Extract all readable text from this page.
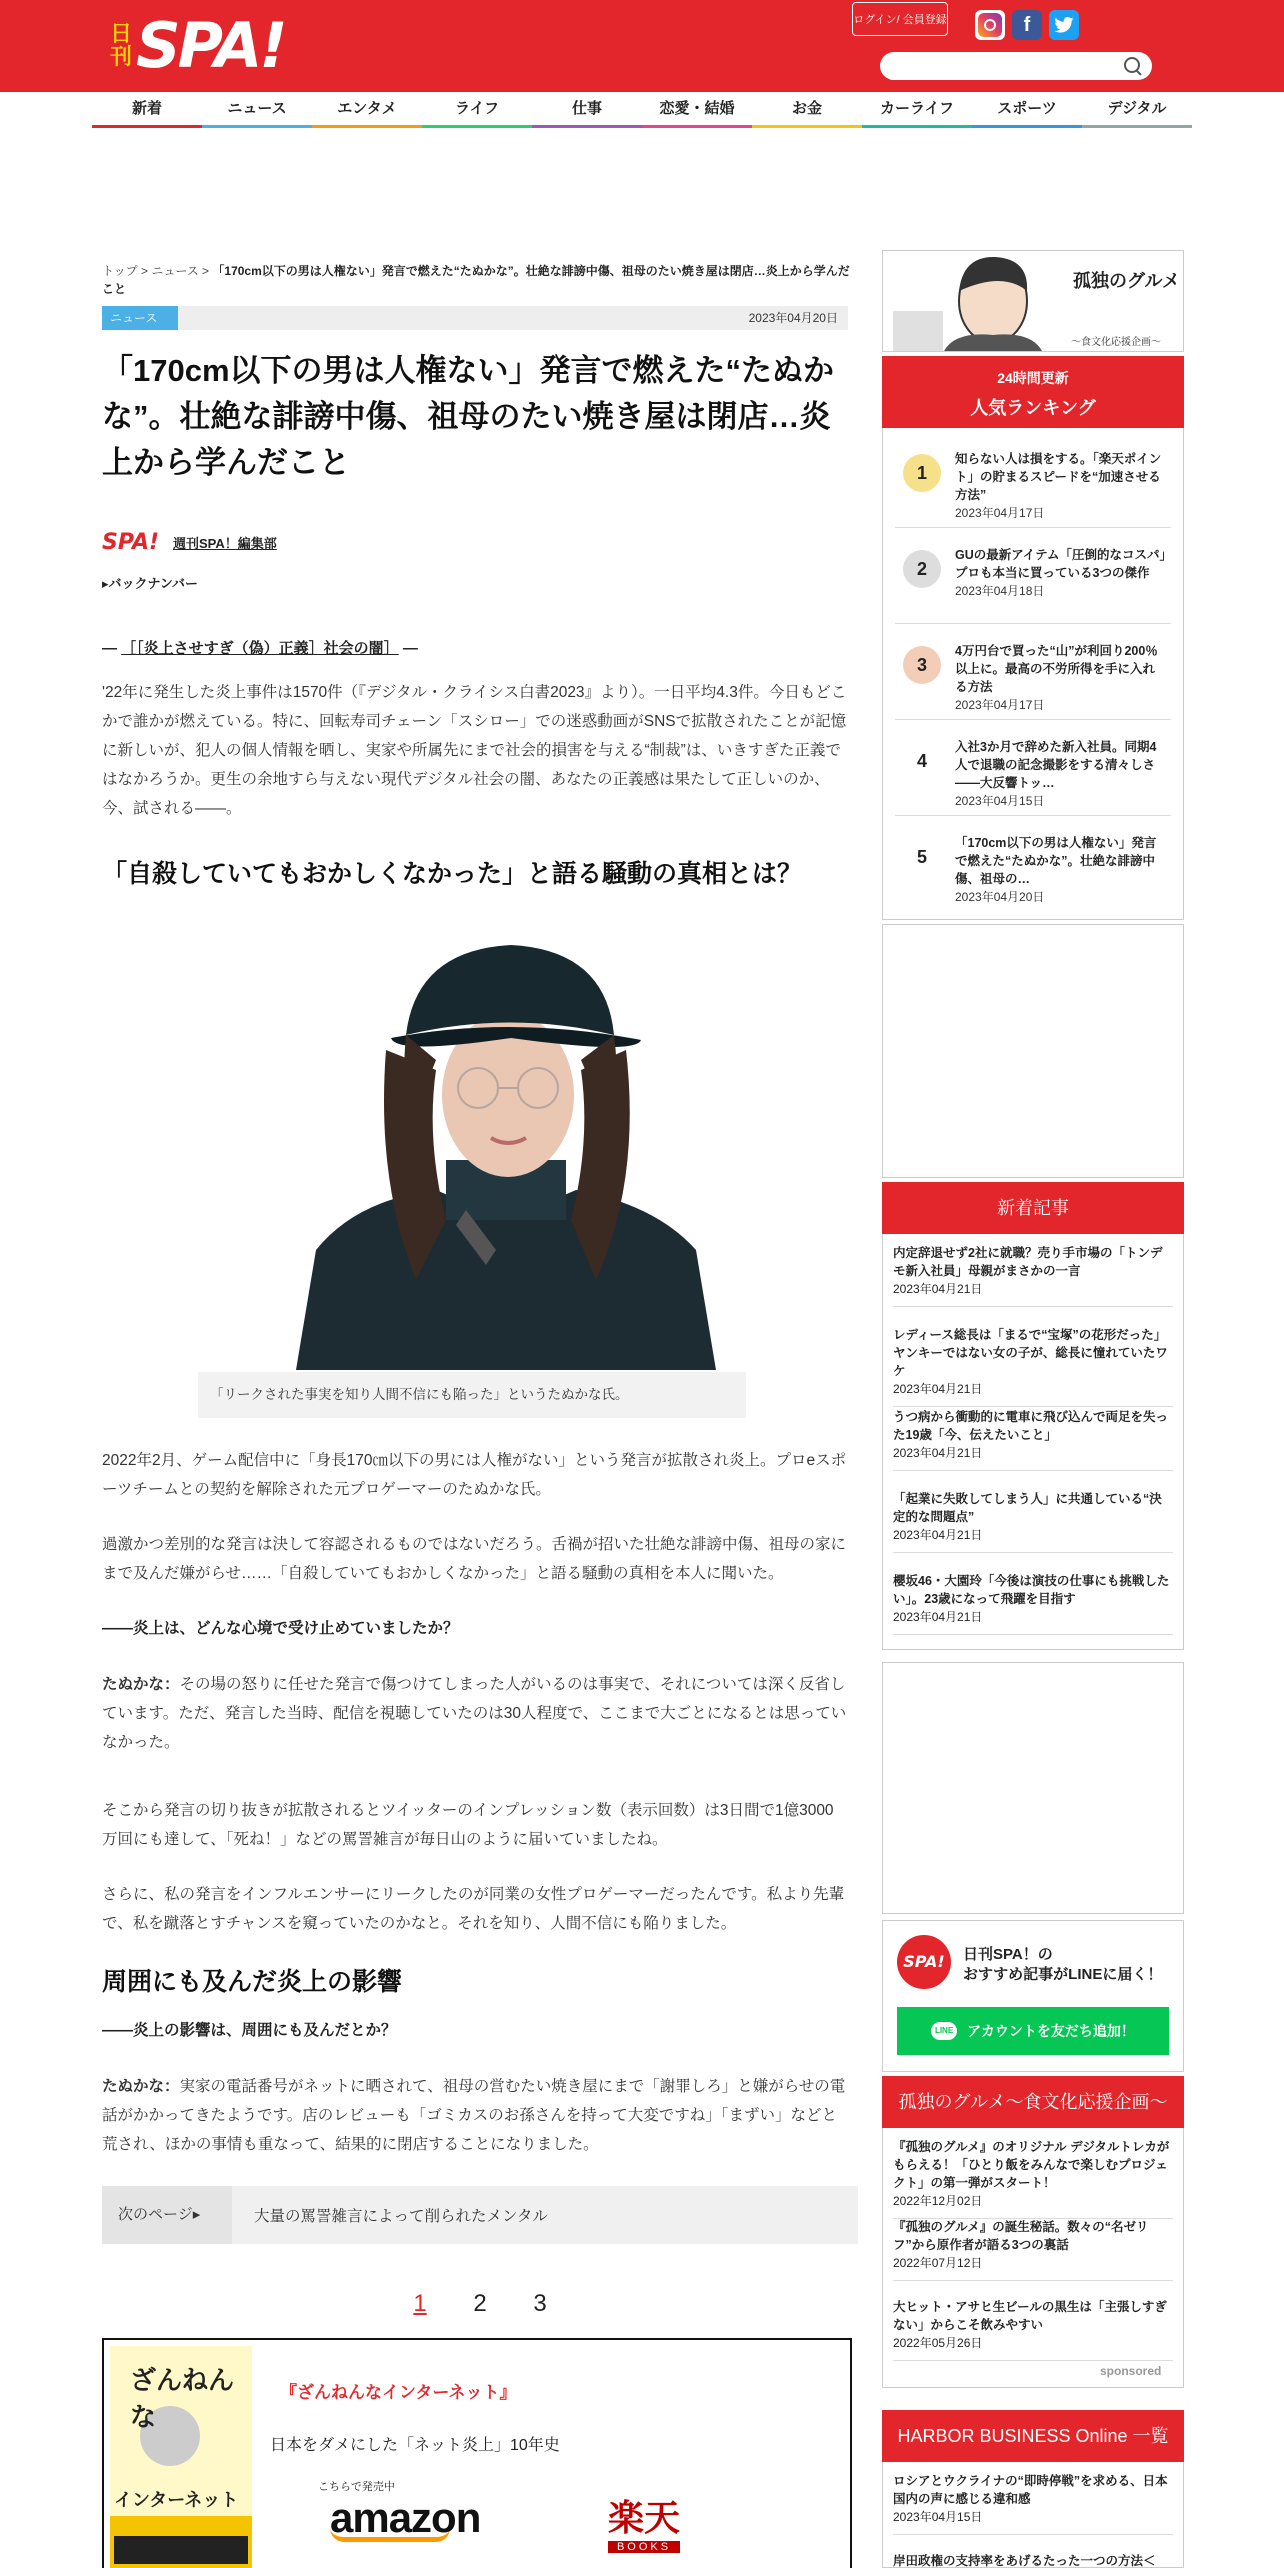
日
刊 SPA!	ログイン/ 会員登録	f
新着	ニュース	エンタメ	ライフ	仕事	恋愛・結婚	お金	カーライフ	スポーツ	デジタル
トップ > ニュース > 「170cm以下の男は人権ない」発言で燃えた“たぬかな”。壮絶な誹謗中傷、祖母のたい焼き屋は閉店…炎上から学んだこと
ニュース	2023年04月20日
「170cm以下の男は人権ない」発言で燃えた“たぬかな”。壮絶な誹謗中傷、祖母のたい焼き屋は閉店…炎上から学んだこと
SPA! 週刊SPA！編集部
▸バックナンバー
― ［［炎上させすぎ（偽）正義］社会の闇］ ―

'22年に発生した炎上事件は1570件（『デジタル・クライシス白書2023』より）。一日平均4.3件。今日もどこかで誰かが燃えている。特に、回転寿司チェーン「スシロー」での迷惑動画がSNSで拡散されたことが記憶に新しいが、犯人の個人情報を晒し、実家や所属先にまで社会的損害を与える“制裁”は、いきすぎた正義ではなかろうか。更生の余地すら与えない現代デジタル社会の闇、あなたの正義感は果たして正しいのか、今、試される――。

「自殺していてもおかしくなかった」と語る騒動の真相とは？
「リークされた事実を知り人間不信にも陥った」というたぬかな氏。

2022年2月、ゲーム配信中に「身長170㎝以下の男には人権がない」という発言が拡散され炎上。プロeスポーツチームとの契約を解除された元プロゲーマーのたぬかな氏。

過激かつ差別的な発言は決して容認されるものではないだろう。舌禍が招いた壮絶な誹謗中傷、祖母の家にまで及んだ嫌がらせ……「自殺していてもおかしくなかった」と語る騒動の真相を本人に聞いた。

――炎上は、どんな心境で受け止めていましたか？

たぬかな：その場の怒りに任せた発言で傷つけてしまった人がいるのは事実で、それについては深く反省しています。ただ、発言した当時、配信を視聴していたのは30人程度で、ここまで大ごとになるとは思っていなかった。

そこから発言の切り抜きが拡散されるとツイッターのインプレッション数（表示回数）は3日間で1億3000万回にも達して、「死ね！」などの罵詈雑言が毎日山のように届いていましたね。

さらに、私の発言をインフルエンサーにリークしたのが同業の女性プロゲーマーだったんです。私より先輩で、私を蹴落とすチャンスを窺っていたのかなと。それを知り、人間不信にも陥りました。

周囲にも及んだ炎上の影響

――炎上の影響は、周囲にも及んだとか？

たぬかな：実家の電話番号がネットに晒されて、祖母の営むたい焼き屋にまで「謝罪しろ」と嫌がらせの電話がかかってきたようです。店のレビューも「ゴミカスのお孫さんを持って大変ですね」「まずい」などと荒され、ほかの事情も重なって、結果的に閉店することになりました。

次のページ▸	大量の罵詈雑言によって削られたメンタル
1	2	3
ざんねんな
インターネット
『ざんねんなインターネット』
日本をダメにした「ネット炎上」10年史
こちらで発売中
amazon	楽天
BOOKS
孤独のグルメ
～食文化応援企画～
24時間更新
人気ランキング
1
知らない人は損をする。「楽天ポイント」の貯まるスピードを“加速させる方法”
2023年04月17日
2
GUの最新アイテム「圧倒的なコスパ」プロも本当に買っている3つの傑作
2023年04月18日
3
4万円台で買った“山”が利回り200％以上に。最高の不労所得を手に入れる方法
2023年04月17日
4
入社3か月で辞めた新入社員。同期4人で退職の記念撮影をする清々しさ――大反響トッ…
2023年04月15日
5
「170cm以下の男は人権ない」発言で燃えた“たぬかな”。壮絶な誹謗中傷、祖母の…
2023年04月20日
新着記事
内定辞退せず2社に就職？売り手市場の「トンデモ新入社員」母親がまさかの一言
2023年04月21日
レディース総長は「まるで“宝塚”の花形だった」ヤンキーではない女の子が、総長に憧れていたワケ
2023年04月21日
うつ病から衝動的に電車に飛び込んで両足を失った19歳「今、伝えたいこと」
2023年04月21日
「起業に失敗してしまう人」に共通している“決定的な問題点”
2023年04月21日
櫻坂46・大園玲「今後は演技の仕事にも挑戦したい」。23歳になって飛躍を目指す
2023年04月21日
SPA!	日刊SPA！の
おすすめ記事がLINEに届く！
LINE アカウントを友だち追加！
孤独のグルメ～食文化応援企画～
『孤独のグルメ』のオリジナル デジタルトレカがもらえる！「ひとり飯をみんなで楽しむプロジェクト」の第一弾がスタート！
2022年12月02日
『孤独のグルメ』の誕生秘話。数々の“名ゼリフ”から原作者が語る3つの裏話
2022年07月12日
大ヒット・アサヒ生ビールの黒生は「主張しすぎない」からこそ飲みやすい
2022年05月26日
sponsored
HARBOR BUSINESS Online 一覧
ロシアとウクライナの“即時停戦”を求める、日本国内の声に感じる違和感
2023年04月15日
岸田政権の支持率をあげるたった一つの方法＜
